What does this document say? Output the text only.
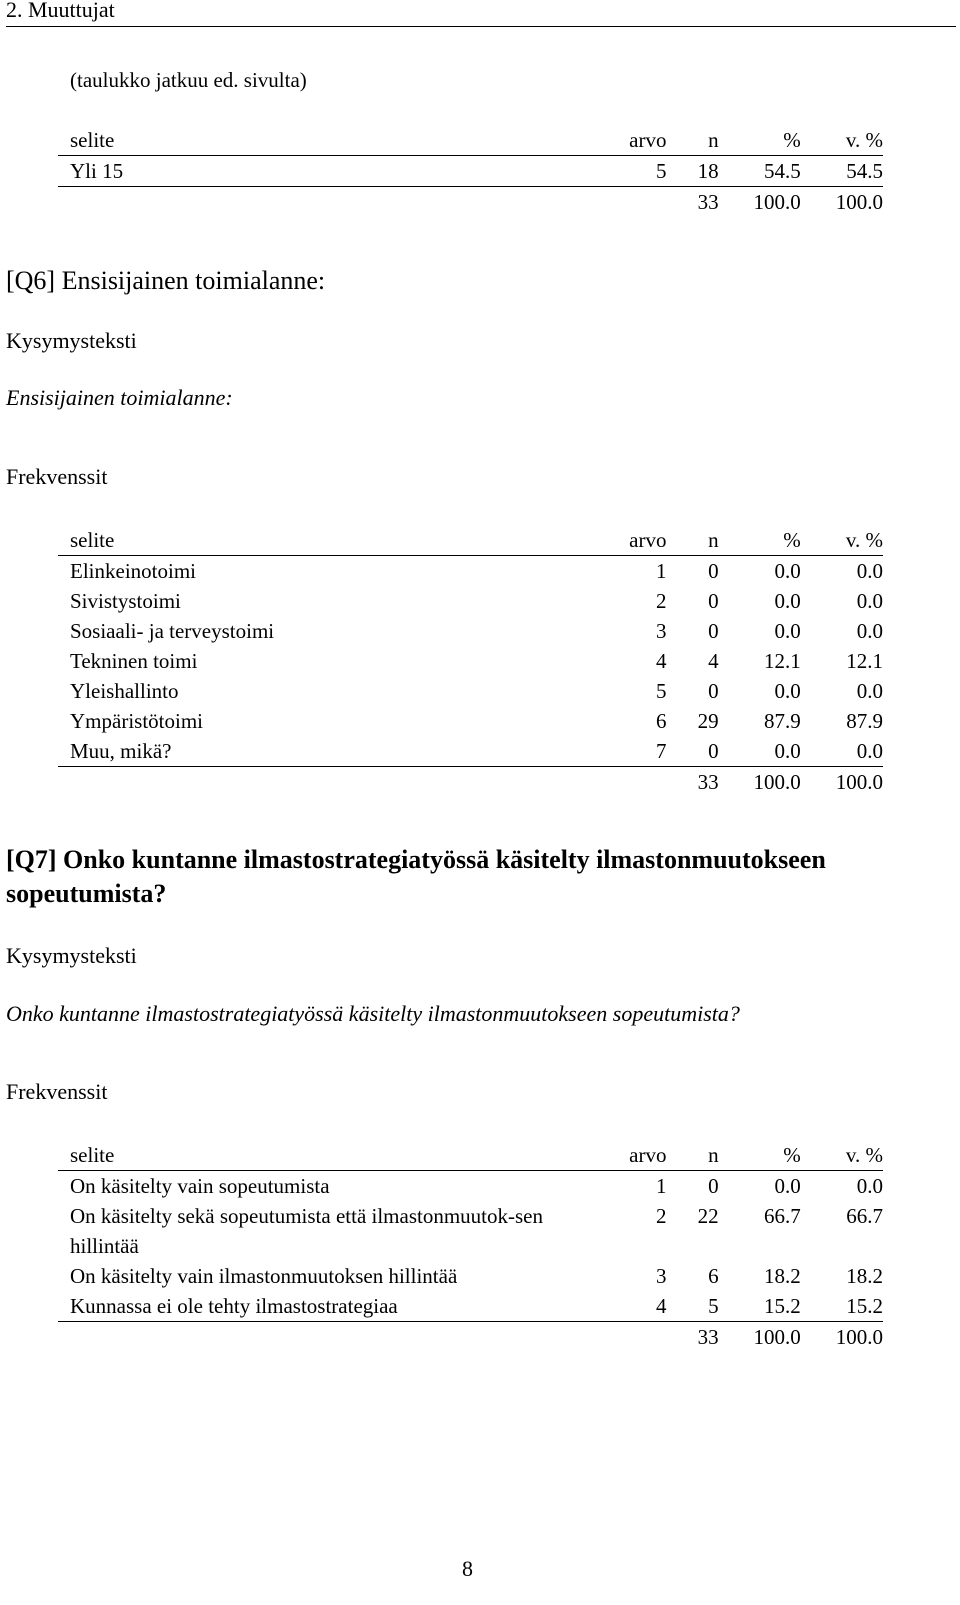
2. Muuttujat
(taulukko jatkuu ed. sivulta)
selite	arvo	n	%	v. %
Yli 15	5	18	54.5	54.5
		33	100.0	100.0
[Q6] Ensisijainen toimialanne:
Kysymysteksti
Ensisijainen toimialanne:
Frekvenssit
selite	arvo	n	%	v. %
Elinkeinotoimi	1	0	0.0	0.0
Sivistystoimi	2	0	0.0	0.0
Sosiaali- ja terveystoimi	3	0	0.0	0.0
Tekninen toimi	4	4	12.1	12.1
Yleishallinto	5	0	0.0	0.0
Ympäristötoimi	6	29	87.9	87.9
Muu, mikä?	7	0	0.0	0.0
		33	100.0	100.0
[Q7] Onko kuntanne ilmastostrategiatyössä käsitelty ilmastonmuutokseen sopeutumista?
Kysymysteksti
Onko kuntanne ilmastostrategiatyössä käsitelty ilmastonmuutokseen sopeutumista?
Frekvenssit
selite	arvo	n	%	v. %
On käsitelty vain sopeutumista	1	0	0.0	0.0
On käsitelty sekä sopeutumista että ilmastonmuutok-sen hillintää	2	22	66.7	66.7
On käsitelty vain ilmastonmuutoksen hillintää	3	6	18.2	18.2
Kunnassa ei ole tehty ilmastostrategiaa	4	5	15.2	15.2
		33	100.0	100.0
8
